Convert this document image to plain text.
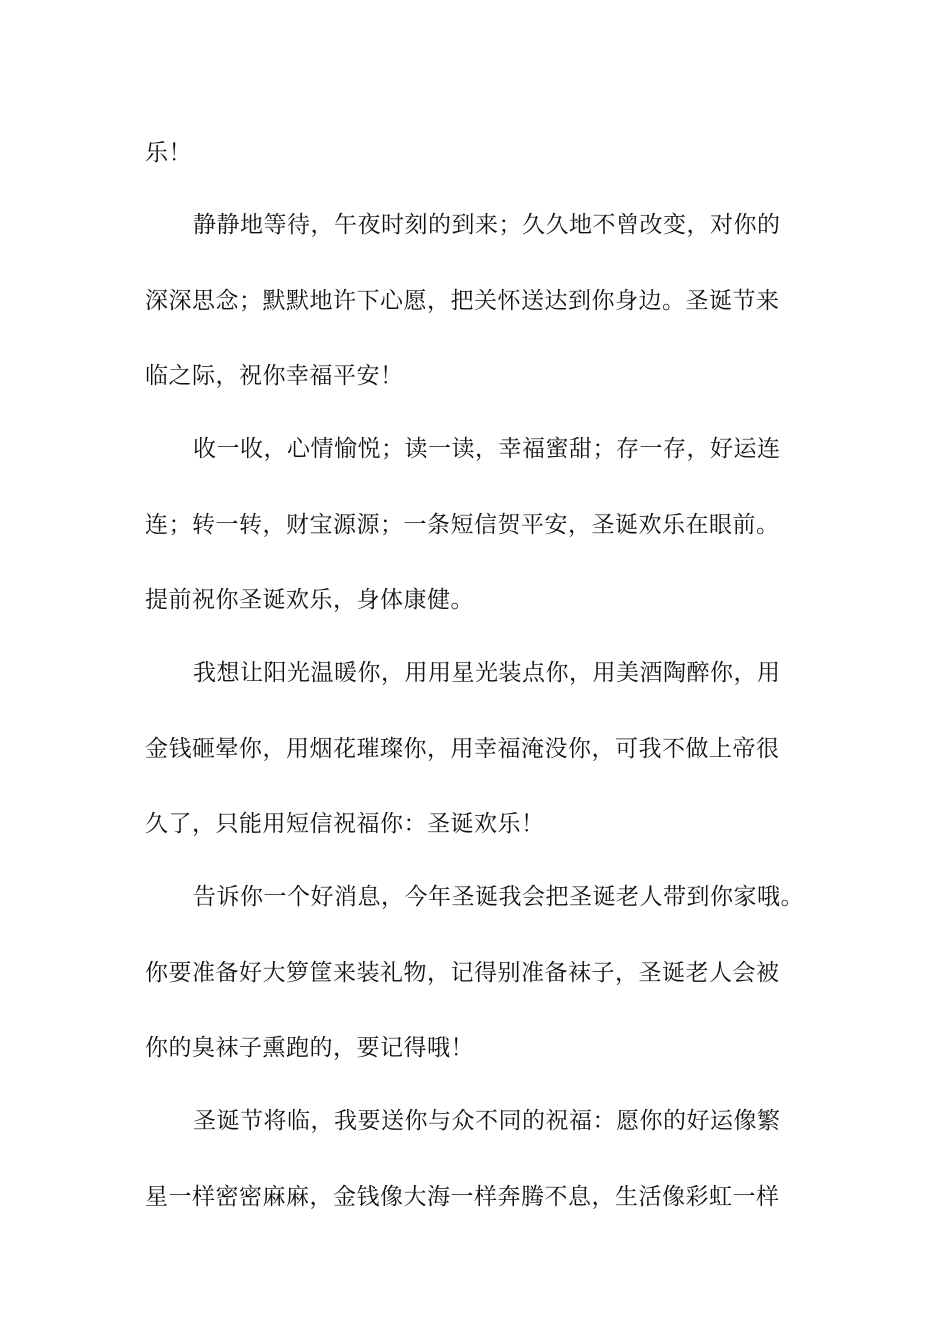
乐！
静静地等待，午夜时刻的到来；久久地不曾改变，对你的
深深思念；默默地许下心愿，把关怀送达到你身边。圣诞节来
临之际，祝你幸福平安！
收一收，心情愉悦；读一读，幸福蜜甜；存一存，好运连
连；转一转，财宝源源；一条短信贺平安，圣诞欢乐在眼前。
提前祝你圣诞欢乐，身体康健。
我想让阳光温暖你，用用星光装点你，用美酒陶醉你，用
金钱砸晕你，用烟花璀璨你，用幸福淹没你，可我不做上帝很
久了，只能用短信祝福你：圣诞欢乐！
告诉你一个好消息，今年圣诞我会把圣诞老人带到你家哦。
你要准备好大箩筐来装礼物，记得别准备袜子，圣诞老人会被
你的臭袜子熏跑的，要记得哦！
圣诞节将临，我要送你与众不同的祝福：愿你的好运像繁
星一样密密麻麻，金钱像大海一样奔腾不息，生活像彩虹一样
